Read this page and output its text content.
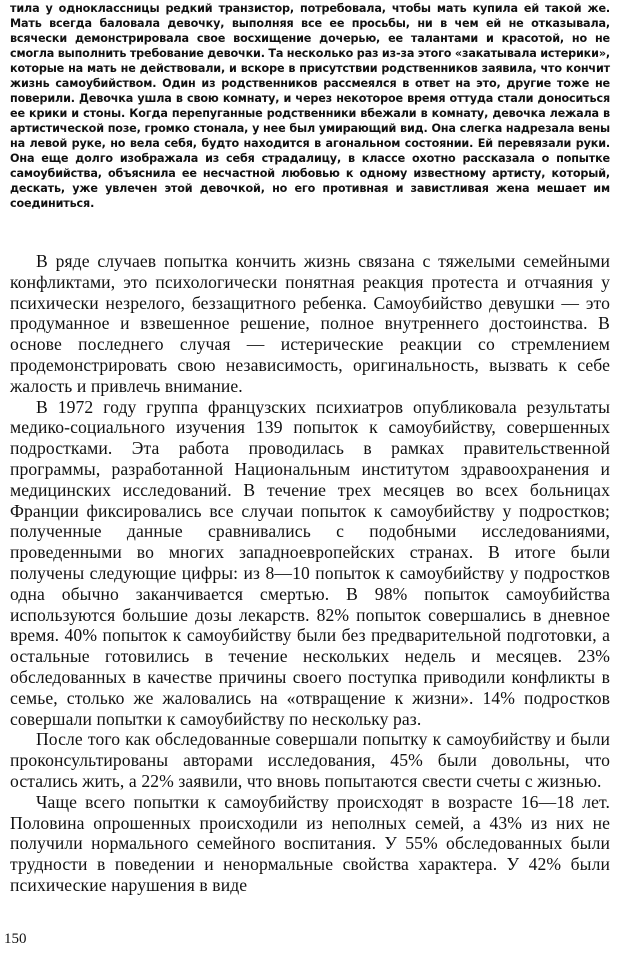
тила у одноклассницы редкий транзистор, потребовала, чтобы мать купила ей такой же. Мать всегда баловала девочку, выполняя все ее просьбы, ни в чем ей не отказывала, всячески демонстрировала свое восхищение дочерью, ее талантами и красотой, но не смогла выполнить требование девочки. Та несколько раз из-за этого «закатывала истерики», которые на мать не действовали, и вскоре в присутствии родственников заявила, что кончит жизнь самоубийством. Один из родственников рассмеялся в ответ на это, другие тоже не поверили. Девочка ушла в свою комнату, и через некоторое время оттуда стали доноситься ее крики и стоны. Когда перепуганные родственники вбежали в комнату, девочка лежала в артистической позе, громко стонала, у нее был умирающий вид. Она слегка надрезала вены на левой руке, но вела себя, будто находится в агональном состоянии. Ей перевязали руки. Она еще долго изображала из себя страдалицу, в классе охотно рассказала о попытке самоубийства, объяснила ее несчастной любовью к одному известному артисту, который, дескать, уже увлечен этой девочкой, но его противная и завистливая жена мешает им соединиться.

В ряде случаев попытка кончить жизнь связана с тяжелыми семейными конфликтами, это психологически понятная реакция протеста и отчаяния у психически незрелого, беззащитного ребенка. Самоубийство девушки — это продуманное и взвешенное решение, полное внутреннего достоинства. В основе последнего случая — истерические реакции со стремлением продемонстрировать свою независимость, оригинальность, вызвать к себе жалость и привлечь внимание.

В 1972 году группа французских психиатров опубликовала результаты медико-социального изучения 139 попыток к самоубийству, совершенных подростками. Эта работа проводилась в рамках правительственной программы, разработанной Национальным институтом здравоохранения и медицинских исследований. В течение трех месяцев во всех больницах Франции фиксировались все случаи попыток к самоубийству у подростков; полученные данные сравнивались с подобными исследованиями, проведенными во многих западноевропейских странах. В итоге были получены следующие цифры: из 8—10 попыток к самоубийству у подростков одна обычно заканчивается смертью. В 98% попыток самоубийства используются большие дозы лекарств. 82% попыток совершались в дневное время. 40% попыток к самоубийству были без предварительной подготовки, а остальные готовились в течение нескольких недель и месяцев. 23% обследованных в качестве причины своего поступка приводили конфликты в семье, столько же жаловались на «отвращение к жизни». 14% подростков совершали попытки к самоубийству по нескольку раз.

После того как обследованные совершали попытку к самоубийству и были проконсультированы авторами исследования, 45% были довольны, что остались жить, а 22% заявили, что вновь попытаются свести счеты с жизнью.

Чаще всего попытки к самоубийству происходят в возрасте 16—18 лет. Половина опрошенных происходили из неполных семей, а 43% из них не получили нормального семейного воспитания. У 55% обследованных были трудности в поведении и ненормальные свойства характера. У 42% были психические нарушения в виде

150
